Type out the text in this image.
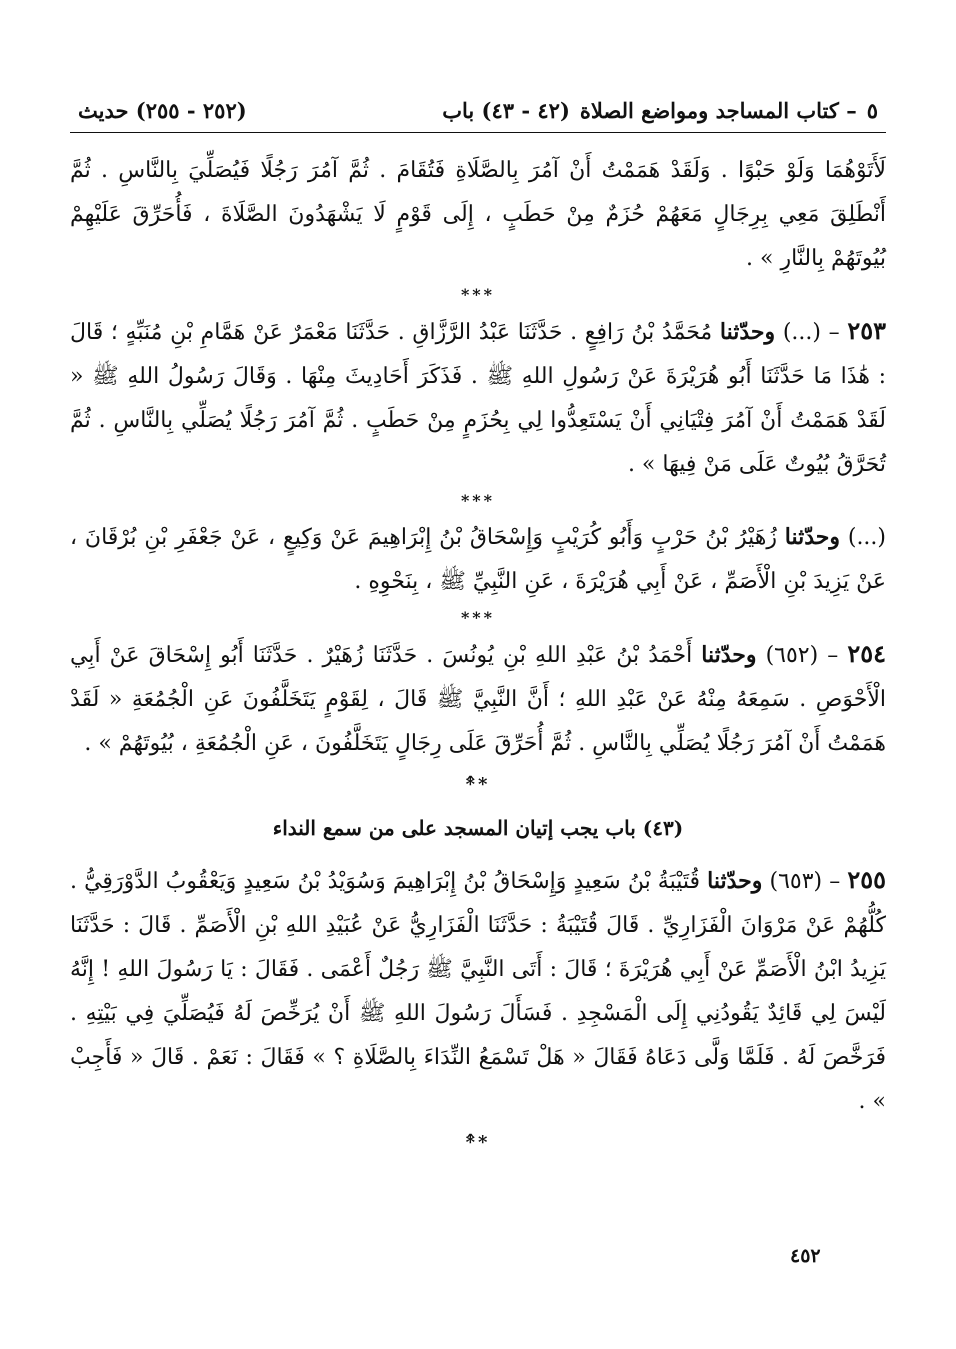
٥
– كتاب المساجد ومواضع الصلاة
(٤٢ - ٤٣) باب
(٢٥٢ - ٢٥٥) حديث

لَأَتَوْهُمَا وَلَوْ حَبْوًا . وَلَقَدْ هَمَمْتُ أَنْ آمُرَ بِالصَّلَاةِ فَتُقَامَ . ثُمَّ آمُرَ رَجُلًا فَيُصَلِّيَ بِالنَّاسِ . ثُمَّ أَنْطَلِقَ مَعِي بِرِجَالٍ مَعَهُمْ حُزَمٌ مِنْ حَطَبٍ ، إِلَى قَوْمٍ لَا يَشْهَدُونَ الصَّلَاةَ ، فَأُحَرِّقَ عَلَيْهِمْ بُيُوتَهُمْ بِالنَّارِ » .

***

٢٥٣ – (...) وحدّثنا مُحَمَّدُ بْنُ رَافِعٍ . حَدَّثَنَا عَبْدُ الرَّزَّاقِ . حَدَّثَنَا مَعْمَرٌ عَنْ هَمَّامِ بْنِ مُنَبِّهٍ ؛ قَالَ : هَٰذَا مَا حَدَّثَنَا أَبُو هُرَيْرَةَ عَنْ رَسُولِ اللهِ ﷺ . فَذَكَرَ أَحَادِيثَ مِنْهَا . وَقَالَ رَسُولُ اللهِ ﷺ « لَقَدْ هَمَمْتُ أَنْ آمُرَ فِتْيَانِي أَنْ يَسْتَعِدُّوا لِي بِحُزَمٍ مِنْ حَطَبٍ . ثُمَّ آمُرَ رَجُلًا يُصَلِّي بِالنَّاسِ . ثُمَّ تُحَرَّقُ بُيُوتٌ عَلَى مَنْ فِيهَا » .

***

(...) وحدّثنا زُهَيْرُ بْنُ حَرْبٍ وَأَبُو كُرَيْبٍ وَإِسْحَاقُ بْنُ إِبْرَاهِيمَ عَنْ وَكِيعٍ ، عَنْ جَعْفَرِ بْنِ بُرْقَانَ ، عَنْ يَزِيدَ بْنِ الْأَصَمِّ ، عَنْ أَبِي هُرَيْرَةَ ، عَنِ النَّبِيِّ ﷺ ، بِنَحْوِهِ .

***

٢٥٤ – (٦٥٢) وحدّثنا أَحْمَدُ بْنُ عَبْدِ اللهِ بْنِ يُونُسَ . حَدَّثَنَا زُهَيْرٌ . حَدَّثَنَا أَبُو إِسْحَاقَ عَنْ أَبِي الْأَحْوَصِ . سَمِعَهُ مِنْهُ عَنْ عَبْدِ اللهِ ؛ أَنَّ النَّبِيَّ ﷺ قَالَ ، لِقَوْمٍ يَتَخَلَّفُونَ عَنِ الْجُمُعَةِ « لَقَدْ هَمَمْتُ أَنْ آمُرَ رَجُلًا يُصَلِّي بِالنَّاسِ . ثُمَّ أُحَرِّقَ عَلَى رِجَالٍ يَتَخَلَّفُونَ ، عَنِ الْجُمُعَةِ ، بُيُوتَهُمْ » .

*̂*
(٤٣) باب يجب إتيان المسجد على من سمع النداء

٢٥٥ – (٦٥٣) وحدّثنا قُتَيْبَةُ بْنُ سَعِيدٍ وَإِسْحَاقُ بْنُ إِبْرَاهِيمَ وَسُوَيْدُ بْنُ سَعِيدٍ وَيَعْقُوبُ الدَّوْرَقِيُّ . كُلُّهُمْ عَنْ مَرْوَانَ الْفَزَارِيِّ . قَالَ قُتَيْبَةُ : حَدَّثَنَا الْفَزَارِيُّ عَنْ عُبَيْدِ اللهِ بْنِ الْأَصَمِّ . قَالَ : حَدَّثَنَا يَزِيدُ ابْنُ الْأَصَمِّ عَنْ أَبِي هُرَيْرَةَ ؛ قَالَ : أَتَى النَّبِيَّ ﷺ رَجُلٌ أَعْمَى . فَقَالَ : يَا رَسُولَ اللهِ ! إِنَّهُ لَيْسَ لِي قَائِدٌ يَقُودُنِي إِلَى الْمَسْجِدِ . فَسَأَلَ رَسُولَ اللهِ ﷺ أَنْ يُرَخِّصَ لَهُ فَيُصَلِّيَ فِي بَيْتِهِ . فَرَخَّصَ لَهُ . فَلَمَّا وَلَّى دَعَاهُ فَقَالَ « هَلْ تَسْمَعُ النِّدَاءَ بِالصَّلَاةِ ؟ » فَقَالَ : نَعَمْ . قَالَ « فَأَجِبْ » .

*̂*
٤٥٢
